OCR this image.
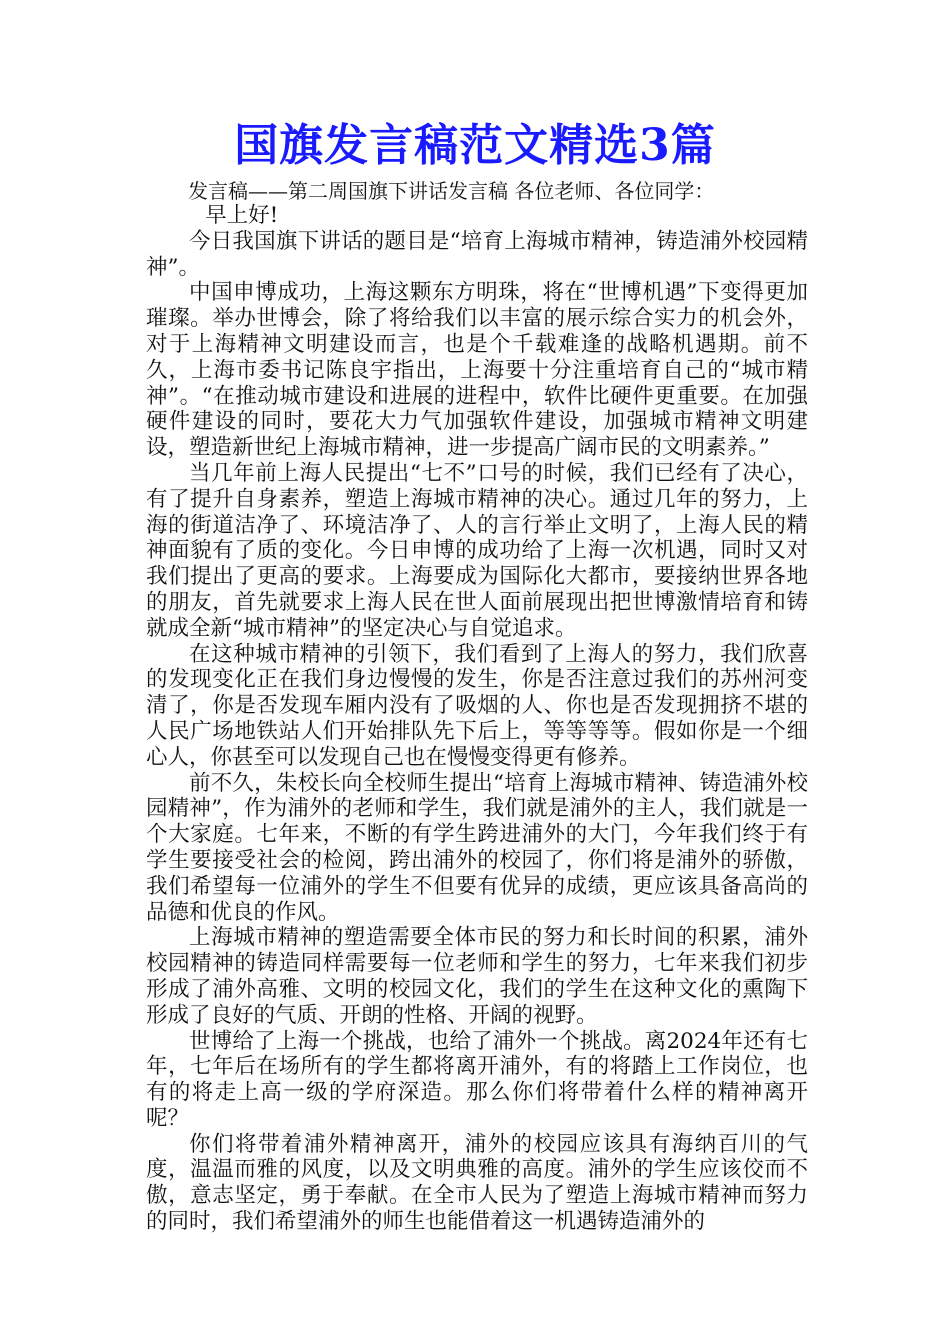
国旗发言稿范文精选3篇
发言稿——第二周国旗下讲话发言稿 各位老师、各位同学：

早上好!

今日我国旗下讲话的题目是“培育上海城市精神，铸造浦外校园精神”。

中国申博成功，上海这颗东方明珠，将在“世博机遇”下变得更加璀璨。举办世博会，除了将给我们以丰富的展示综合实力的机会外，对于上海精神文明建设而言，也是个千载难逢的战略机遇期。前不久，上海市委书记陈良宇指出，上海要十分注重培育自己的“城市精神”。“在推动城市建设和进展的进程中，软件比硬件更重要。在加强硬件建设的同时，要花大力气加强软件建设，加强城市精神文明建设，塑造新世纪上海城市精神，进一步提高广阔市民的文明素养。”

当几年前上海人民提出“七不”口号的时候，我们已经有了决心，有了提升自身素养，塑造上海城市精神的决心。通过几年的努力，上海的街道洁净了、环境洁净了、人的言行举止文明了，上海人民的精神面貌有了质的变化。今日申博的成功给了上海一次机遇，同时又对我们提出了更高的要求。上海要成为国际化大都市，要接纳世界各地的朋友，首先就要求上海人民在世人面前展现出把世博激情培育和铸就成全新“城市精神”的坚定决心与自觉追求。

在这种城市精神的引领下，我们看到了上海人的努力，我们欣喜的发现变化正在我们身边慢慢的发生，你是否注意过我们的苏州河变清了，你是否发现车厢内没有了吸烟的人、你也是否发现拥挤不堪的人民广场地铁站人们开始排队先下后上，等等等等。假如你是一个细心人，你甚至可以发现自己也在慢慢变得更有修养。

前不久，朱校长向全校师生提出“培育上海城市精神、铸造浦外校园精神”，作为浦外的老师和学生，我们就是浦外的主人，我们就是一个大家庭。七年来，不断的有学生跨进浦外的大门，今年我们终于有学生要接受社会的检阅，跨出浦外的校园了，你们将是浦外的骄傲，我们希望每一位浦外的学生不但要有优异的成绩，更应该具备高尚的品德和优良的作风。

上海城市精神的塑造需要全体市民的努力和长时间的积累，浦外校园精神的铸造同样需要每一位老师和学生的努力，七年来我们初步形成了浦外高雅、文明的校园文化，我们的学生在这种文化的熏陶下形成了良好的气质、开朗的性格、开阔的视野。

世博给了上海一个挑战，也给了浦外一个挑战。离2024年还有七年，七年后在场所有的学生都将离开浦外，有的将踏上工作岗位，也有的将走上高一级的学府深造。那么你们将带着什么样的精神离开呢？

你们将带着浦外精神离开，浦外的校园应该具有海纳百川的气度，温温而雅的风度，以及文明典雅的高度。浦外的学生应该佼而不傲，意志坚定，勇于奉献。在全市人民为了塑造上海城市精神而努力的同时，我们希望浦外的师生也能借着这一机遇铸造浦外的
